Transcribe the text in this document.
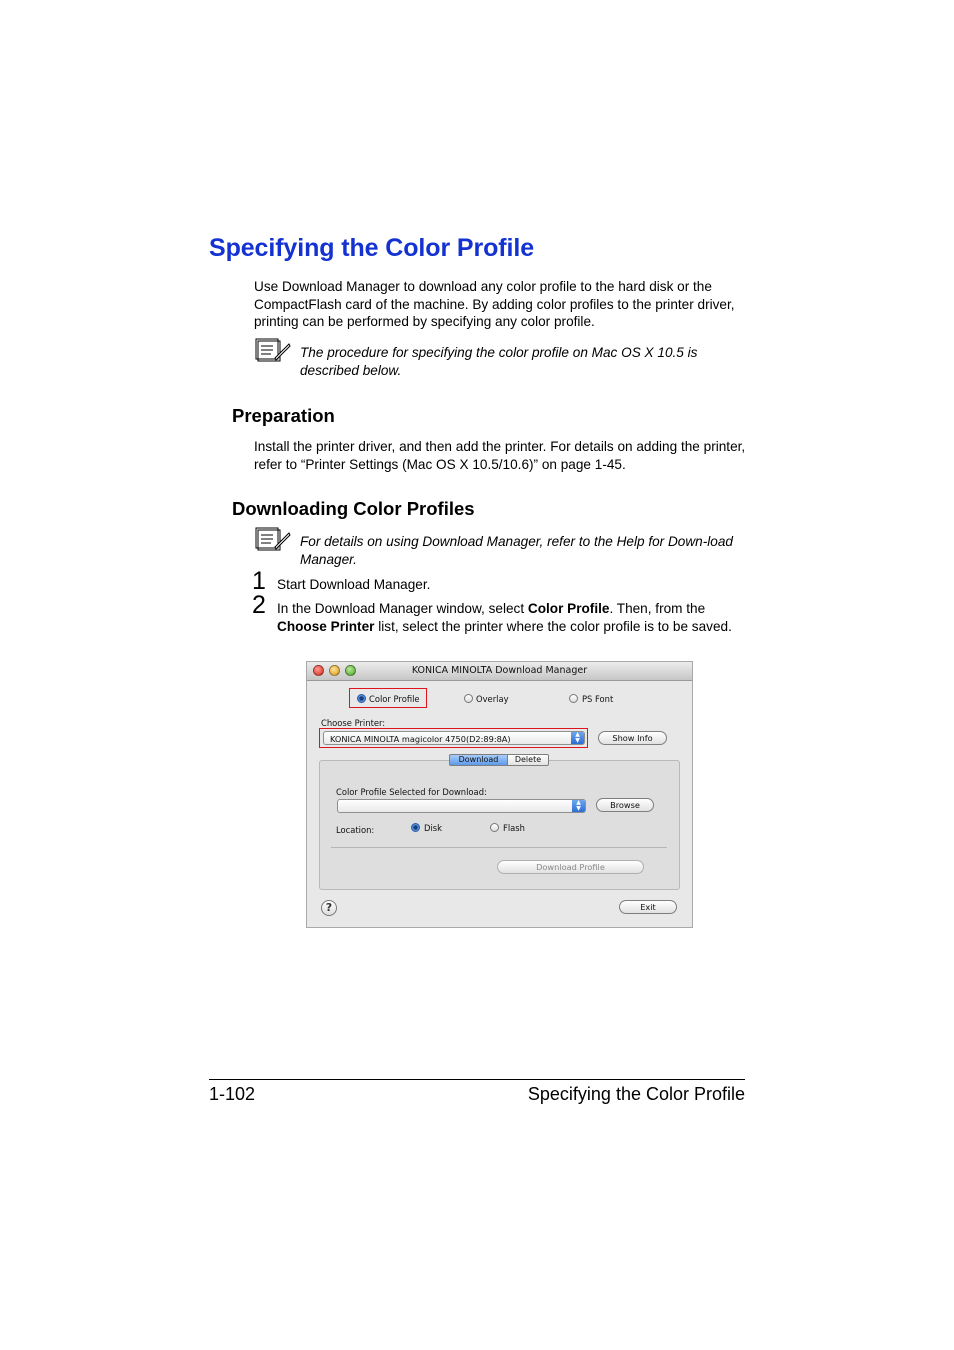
Specifying the Color Profile

Use Download Manager to download any color profile to the hard disk or the CompactFlash card of the machine. By adding color profiles to the printer driver, printing can be performed by specifying any color profile.

The procedure for specifying the color profile on Mac OS X 10.5 is described below.

Preparation

Install the printer driver, and then add the printer. For details on adding the printer, refer to “Printer Settings (Mac OS X 10.5/10.6)” on page 1-45.

Downloading Color Profiles

For details on using Download Manager, refer to the Help for Down-load Manager.

1 Start Download Manager.

2 In the Download Manager window, select Color Profile. Then, from the Choose Printer list, select the printer where the color profile is to be saved.

KONICA MINOLTA Download Manager
Color Profile	Overlay	PS Font
Choose Printer:
KONICA MINOLTA magicolor 4750(D2:89:8A)	▲
▼	Show Info
Color Profile Selected for Download:
▲
▼	Browse
Location:	Disk	Flash
Download Profile
Download	Delete
?	Exit
1-102	Specifying the Color Profile
